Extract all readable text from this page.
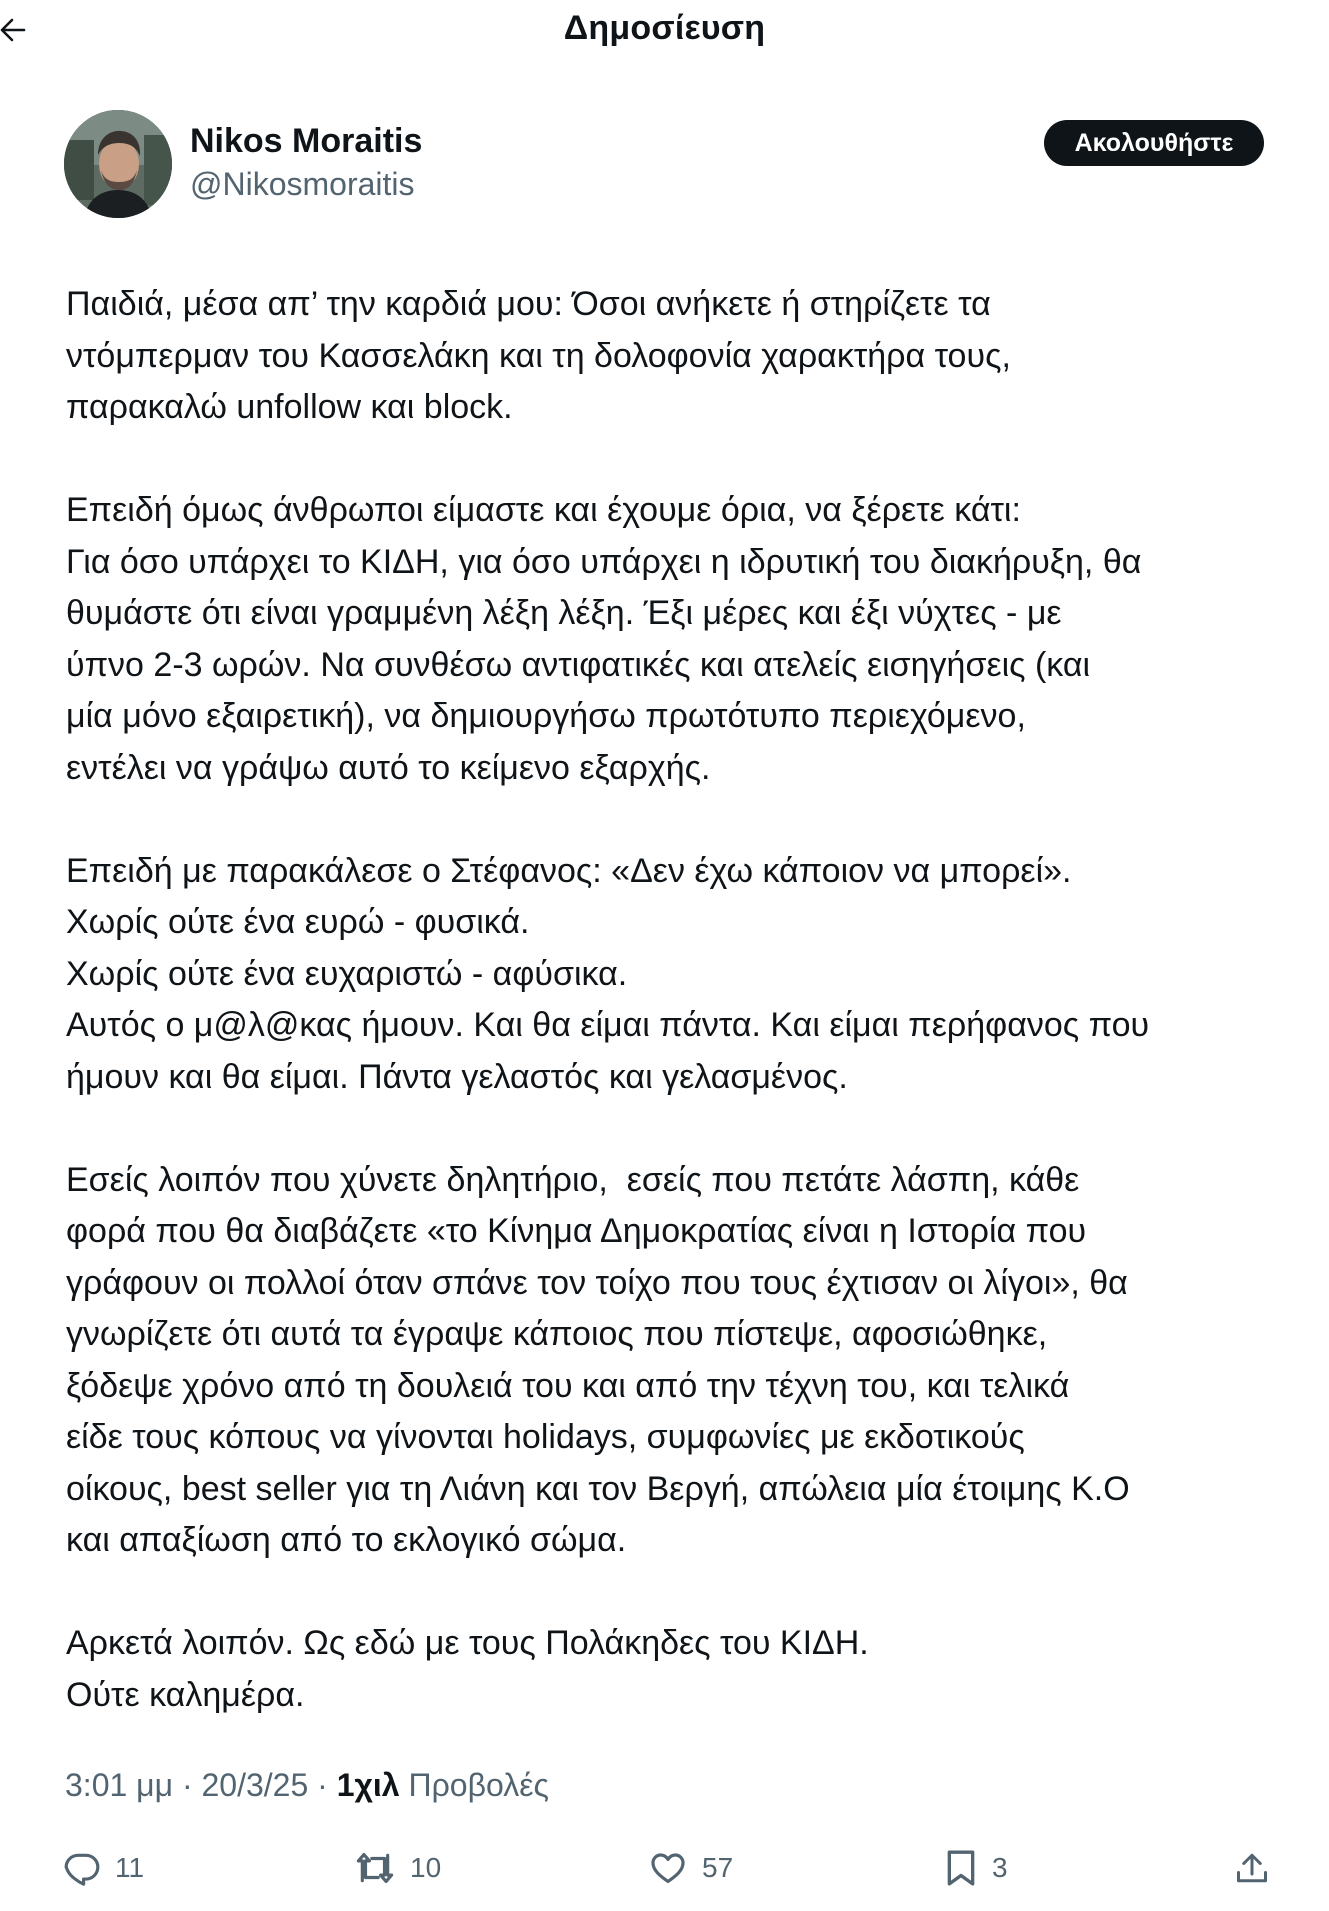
Δημοσίευση
Nikos Moraitis
@Nikosmoraitis
Ακολουθήστε
Παιδιά, μέσα απ’ την καρδιά μου: Όσοι ανήκετε ή στηρίζετε τα
ντόμπερμαν του Κασσελάκη και τη δολοφονία χαρακτήρα τους,
παρακαλώ unfollow και block.

Επειδή όμως άνθρωποι είμαστε και έχουμε όρια, να ξέρετε κάτι:
Για όσο υπάρχει το ΚΙΔΗ, για όσο υπάρχει η ιδρυτική του διακήρυξη, θα
θυμάστε ότι είναι γραμμένη λέξη λέξη. Έξι μέρες και έξι νύχτες - με
ύπνο 2-3 ωρών. Να συνθέσω αντιφατικές και ατελείς εισηγήσεις (και
μία μόνο εξαιρετική), να δημιουργήσω πρωτότυπο περιεχόμενο,
εντέλει να γράψω αυτό το κείμενο εξαρχής.

Επειδή με παρακάλεσε ο Στέφανος: «Δεν έχω κάποιον να μπορεί».
Χωρίς ούτε ένα ευρώ - φυσικά.
Χωρίς ούτε ένα ευχαριστώ - αφύσικα.
Αυτός ο μ@λ@κας ήμουν. Και θα είμαι πάντα. Και είμαι περήφανος που
ήμουν και θα είμαι. Πάντα γελαστός και γελασμένος.

Εσείς λοιπόν που χύνετε δηλητήριο,  εσείς που πετάτε λάσπη, κάθε
φορά που θα διαβάζετε «το Κίνημα Δημοκρατίας είναι η Ιστορία που
γράφουν οι πολλοί όταν σπάνε τον τοίχο που τους έχτισαν οι λίγοι», θα
γνωρίζετε ότι αυτά τα έγραψε κάποιος που πίστεψε, αφοσιώθηκε,
ξόδεψε χρόνο από τη δουλειά του και από την τέχνη του, και τελικά
είδε τους κόπους να γίνονται holidays, συμφωνίες με εκδοτικούς
οίκους, best seller για τη Λιάνη και τον Βεργή, απώλεια μία έτοιμης Κ.Ο
και απαξίωση από το εκλογικό σώμα.

Αρκετά λοιπόν. Ως εδώ με τους Πολάκηδες του ΚΙΔΗ.
Ούτε καλημέρα.
3:01 μμ · 20/3/25 · 1χιλ Προβολές
11	10	57	3
